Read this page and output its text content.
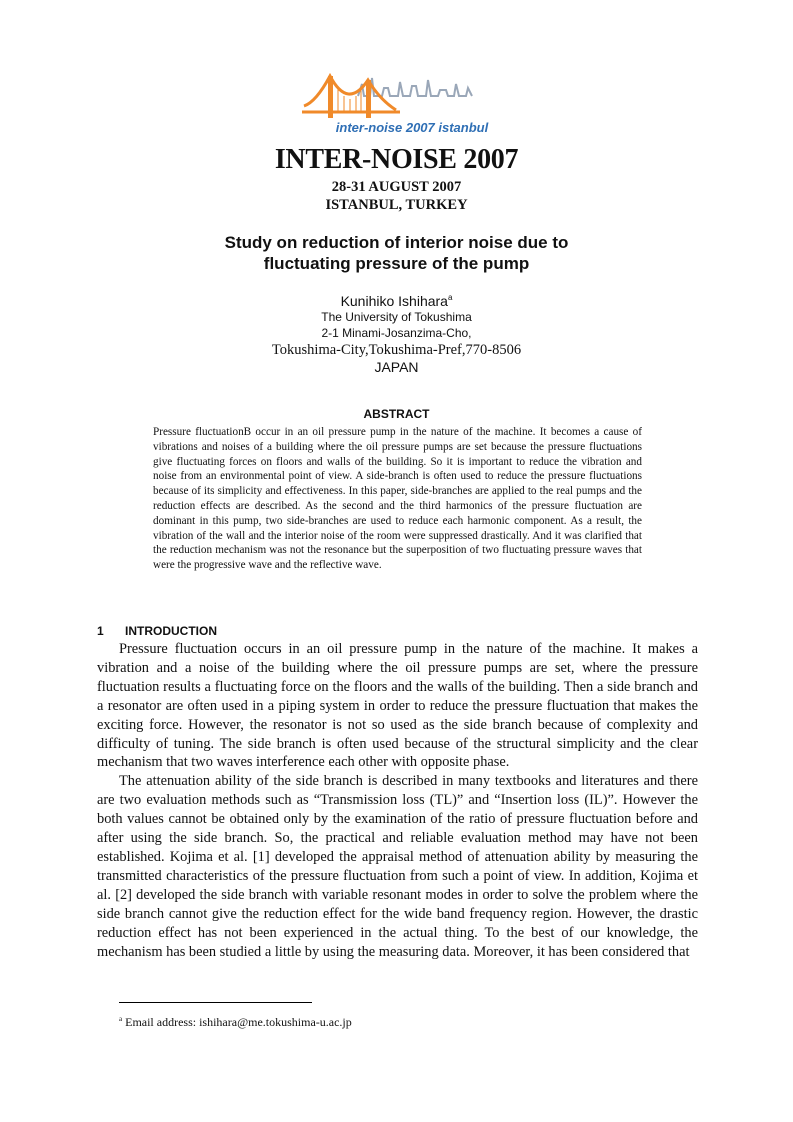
inter-noise 2007 istanbul
INTER-NOISE 2007
28-31 AUGUST 2007
ISTANBUL, TURKEY
Study on reduction of interior noise due to
fluctuating pressure of the pump
Kunihiko Ishihara$^a$
The University of Tokushima
2-1 Minami-Josanzima-Cho,
Tokushima-City,Tokushima-Pref,770-8506
JAPAN
ABSTRACT
Pressure fluctuationB occur in an oil pressure pump in the nature of the machine. It becomes a cause of vibrations and noises of a building where the oil pressure pumps are set because the pressure fluctuations give fluctuating forces on floors and walls of the building. So it is important to reduce the vibration and noise from an environmental point of view. A side-branch is often used to reduce the pressure fluctuations because of its simplicity and effectiveness. In this paper, side-branches are applied to the real pumps and the reduction effects are described. As the second and the third harmonics of the pressure fluctuation are dominant in this pump, two side-branches are used to reduce each harmonic component. As a result, the vibration of the wall and the interior noise of the room were suppressed drastically. And it was clarified that the reduction mechanism was not the resonance but the superposition of two fluctuating pressure waves that were the progressive wave and the reflective wave.
1 INTRODUCTION

Pressure fluctuation occurs in an oil pressure pump in the nature of the machine. It makes a vibration and a noise of the building where the oil pressure pumps are set, where the pressure fluctuation results a fluctuating force on the floors and the walls of the building. Then a side branch and a resonator are often used in a piping system in order to reduce the pressure fluctuation that makes the exciting force. However, the resonator is not so used as the side branch because of complexity and difficulty of tuning. The side branch is often used because of the structural simplicity and the clear mechanism that two waves interference each other with opposite phase.

The attenuation ability of the side branch is described in many textbooks and literatures and there are two evaluation methods such as “Transmission loss (TL)” and “Insertion loss (IL)”. However the both values cannot be obtained only by the examination of the ratio of pressure fluctuation before and after using the side branch. So, the practical and reliable evaluation method may have not been established. Kojima et al. [1] developed the appraisal method of attenuation ability by measuring the transmitted characteristics of the pressure fluctuation from such a point of view. In addition, Kojima et al. [2] developed the side branch with variable resonant modes in order to solve the problem where the side branch cannot give the reduction effect for the wide band frequency region. However, the drastic reduction effect has not been experienced in the actual thing. To the best of our knowledge, the mechanism has been studied a little by using the measuring data. Moreover, it has been considered that

$^a$ Email address: ishihara@me.tokushima-u.ac.jp
